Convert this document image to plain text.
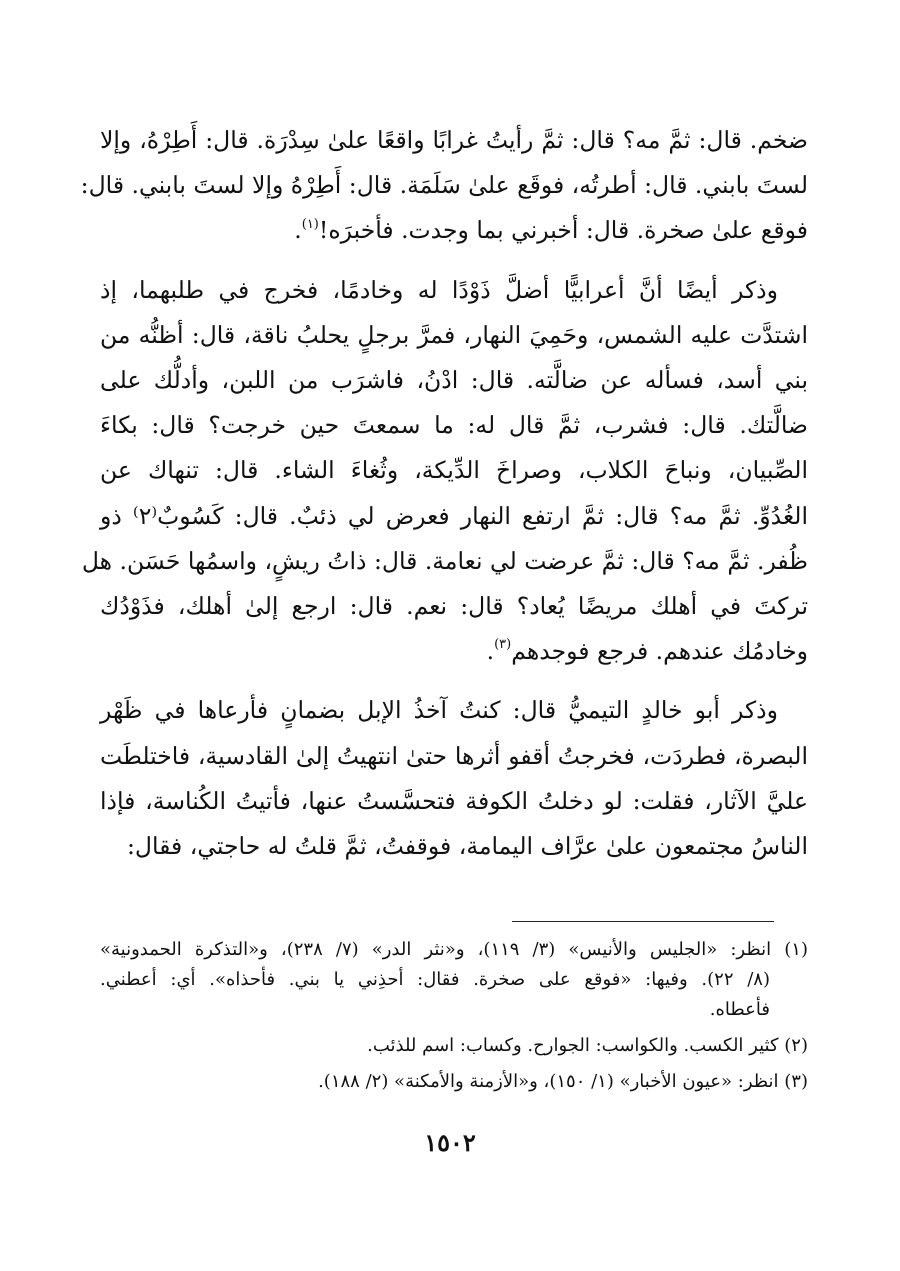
ضخم. قال: ثمَّ مه؟ قال: ثمَّ رأيتُ غرابًا واقعًا علىٰ سِدْرَة. قال: أَطِرْهُ، وإلا
لستَ بابني. قال: أطرتُه، فوقَع علىٰ سَلَمَة. قال: أَطِرْهُ وإلا لستَ بابني. قال:
فوقع علىٰ صخرة. قال: أخبرني بما وجدت. فأخبرَه!$^{(١)}$.
وذكر أيضًا أنَّ أعرابيًّا أضلَّ ذَوْدًا له وخادمًا، فخرج في طلبهما، إذ
اشتدَّت عليه الشمس، وحَمِيَ النهار، فمرَّ برجلٍ يحلبُ ناقة، قال: أظنُّه من
بني أسد، فسأله عن ضالَّته. قال: ادْنُ، فاشرَب من اللبن، وأدلُّك على
ضالَّتك. قال: فشرب، ثمَّ قال له: ما سمعتَ حين خرجت؟ قال: بكاءَ
الصِّبيان، ونباحَ الكلاب، وصراخَ الدِّيكة، وثُغاءَ الشاء. قال: تنهاك عن
الغُدُوِّ. ثمَّ مه؟ قال: ثمَّ ارتفع النهار فعرض لي ذئبٌ. قال: كَسُوبٌ⁽٢⁾ ذو
ظُفر. ثمَّ مه؟ قال: ثمَّ عرضت لي نعامة. قال: ذاتُ ريشٍ، واسمُها حَسَن. هل
تركتَ في أهلك مريضًا يُعاد؟ قال: نعم. قال: ارجع إلىٰ أهلك، فذَوْدُك
وخادمُك عندهم. فرجع فوجدهم$^{(٣)}$.
وذكر أبو خالدٍ التيميُّ قال: كنتُ آخذُ الإبل بضمانٍ فأرعاها في ظَهْر
البصرة، فطردَت، فخرجتُ أقفو أثرها حتىٰ انتهيتُ إلىٰ القادسية، فاختلطَت
عليَّ الآثار، فقلت: لو دخلتُ الكوفة فتحسَّستُ عنها، فأتيتُ الكُناسة، فإذا
الناسُ مجتمعون علىٰ عرَّاف اليمامة، فوقفتُ، ثمَّ قلتُ له حاجتي، فقال:
(١) انظر: «الجليس والأنيس» (٣/ ١١٩)، و«نثر الدر» (٧/ ٢٣٨)، و«التذكرة الحمدونية»
(٨/ ٢٢). وفيها: «فوقع على صخرة. فقال: أحذِني يا بني. فأحذاه». أي: أعطني.
فأعطاه.
(٢) كثير الكسب. والكواسب: الجوارح. وكساب: اسم للذئب.
(٣) انظر: «عيون الأخبار» (١/ ١٥٠)، و«الأزمنة والأمكنة» (٢/ ١٨٨).
١٥٠٢
